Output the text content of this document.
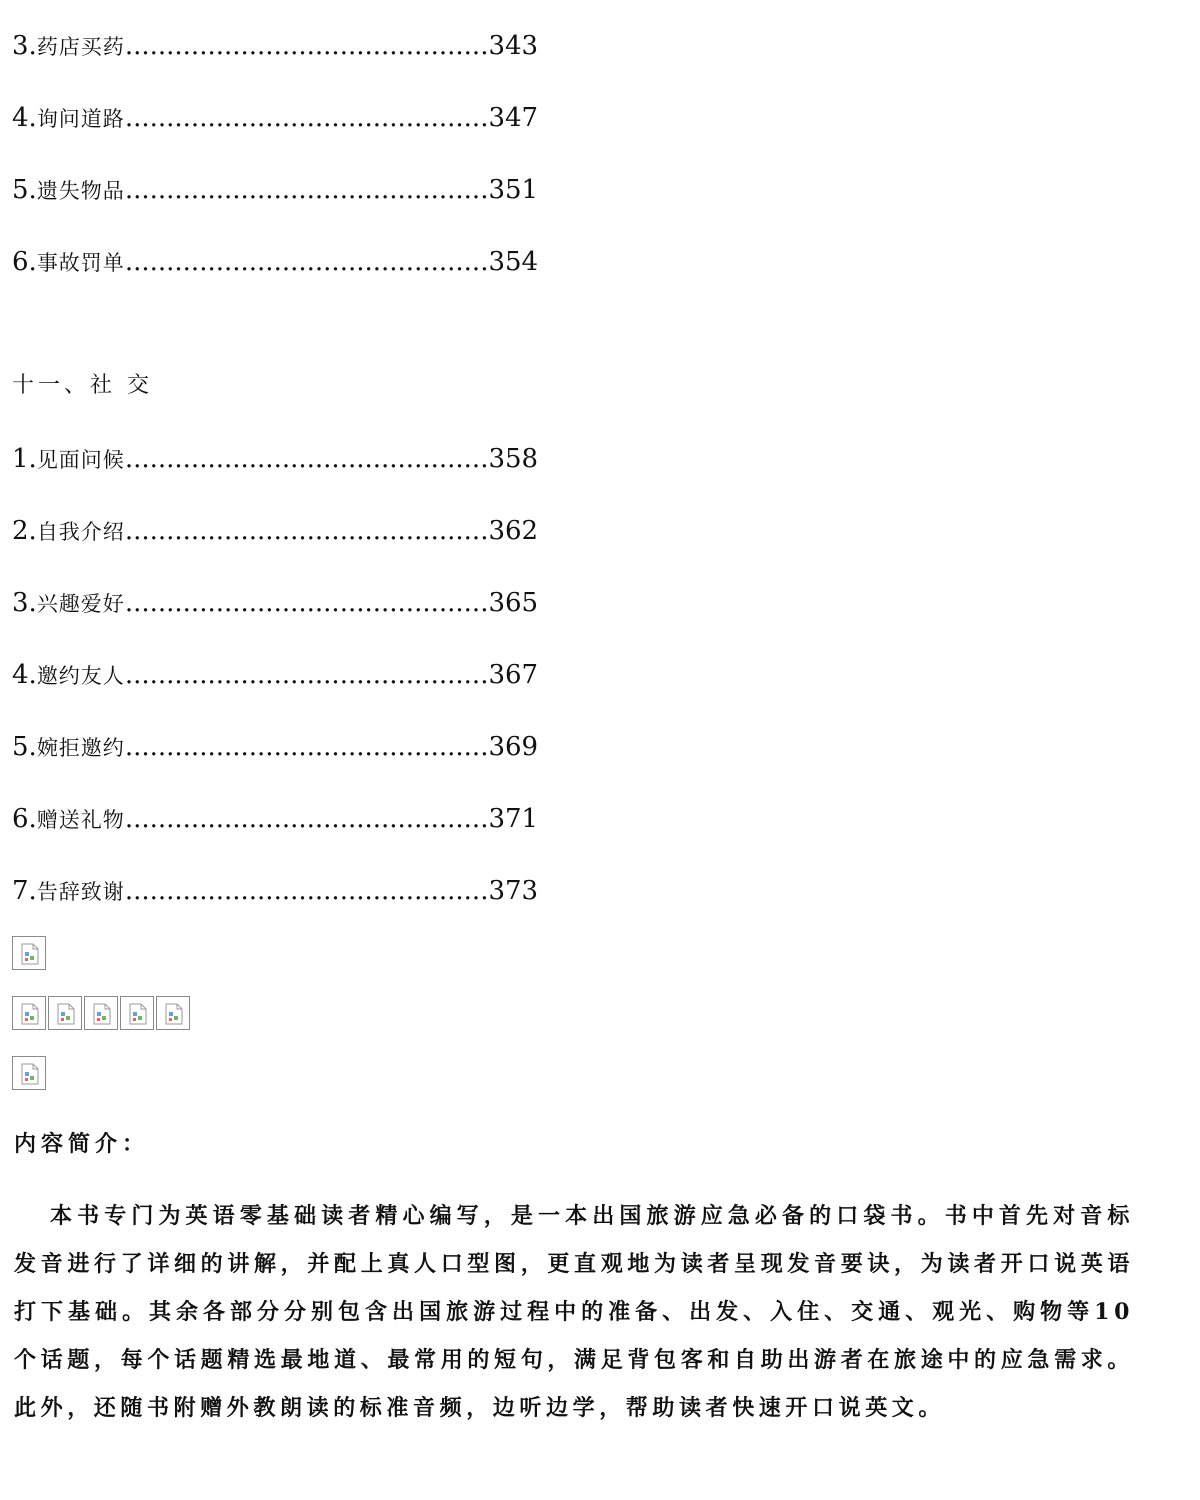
3.药店买药............................................343
4.询问道路............................................347
5.遗失物品............................................351
6.事故罚单............................................354
十一、社 交
1.见面问候............................................358
2.自我介绍............................................362
3.兴趣爱好............................................365
4.邀约友人............................................367
5.婉拒邀约............................................369
6.赠送礼物............................................371
7.告辞致谢............................................373
内容简介：

本书专门为英语零基础读者精心编写，是一本出国旅游应急必备的口袋书。书中首先对音标发音进行了详细的讲解，并配上真人口型图，更直观地为读者呈现发音要诀，为读者开口说英语打下基础。其余各部分分别包含出国旅游过程中的准备、出发、入住、交通、观光、购物等10个话题，每个话题精选最地道、最常用的短句，满足背包客和自助出游者在旅途中的应急需求。此外，还随书附赠外教朗读的标准音频，边听边学，帮助读者快速开口说英文。
